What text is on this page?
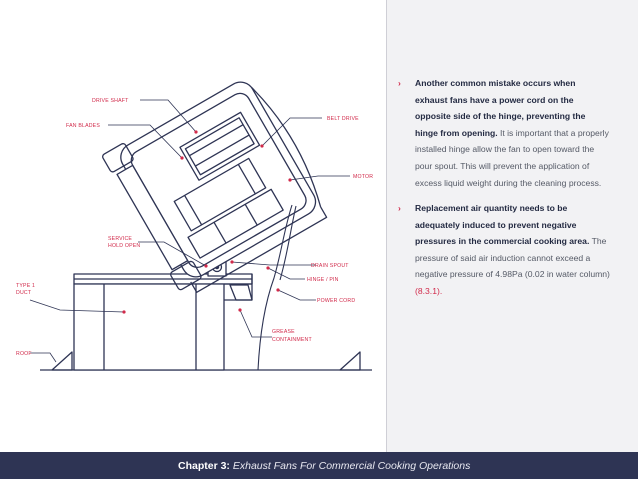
DRIVE SHAFT
FAN BLADES
BELT DRIVE
MOTOR
SERVICE
HOLD OPEN
TYPE 1
DUCT
ROOF
DRAIN SPOUT
HINGE / PIN
POWER CORD
GREASE
CONTAINMENT
›	Another common mistake occurs when exhaust fans have a power cord on the opposite side of the hinge, preventing the hinge from opening. It is important that a properly installed hinge allow the fan to open toward the pour spout. This will prevent the application of excess liquid weight during the cleaning process.
›	Replacement air quantity needs to be adequately induced to prevent negative pressures in the commercial cooking area. The pressure of said air induction cannot exceed a negative pressure of 4.98Pa (0.02 in water column) (8.3.1).
Chapter 3: Exhaust Fans For Commercial Cooking Operations
